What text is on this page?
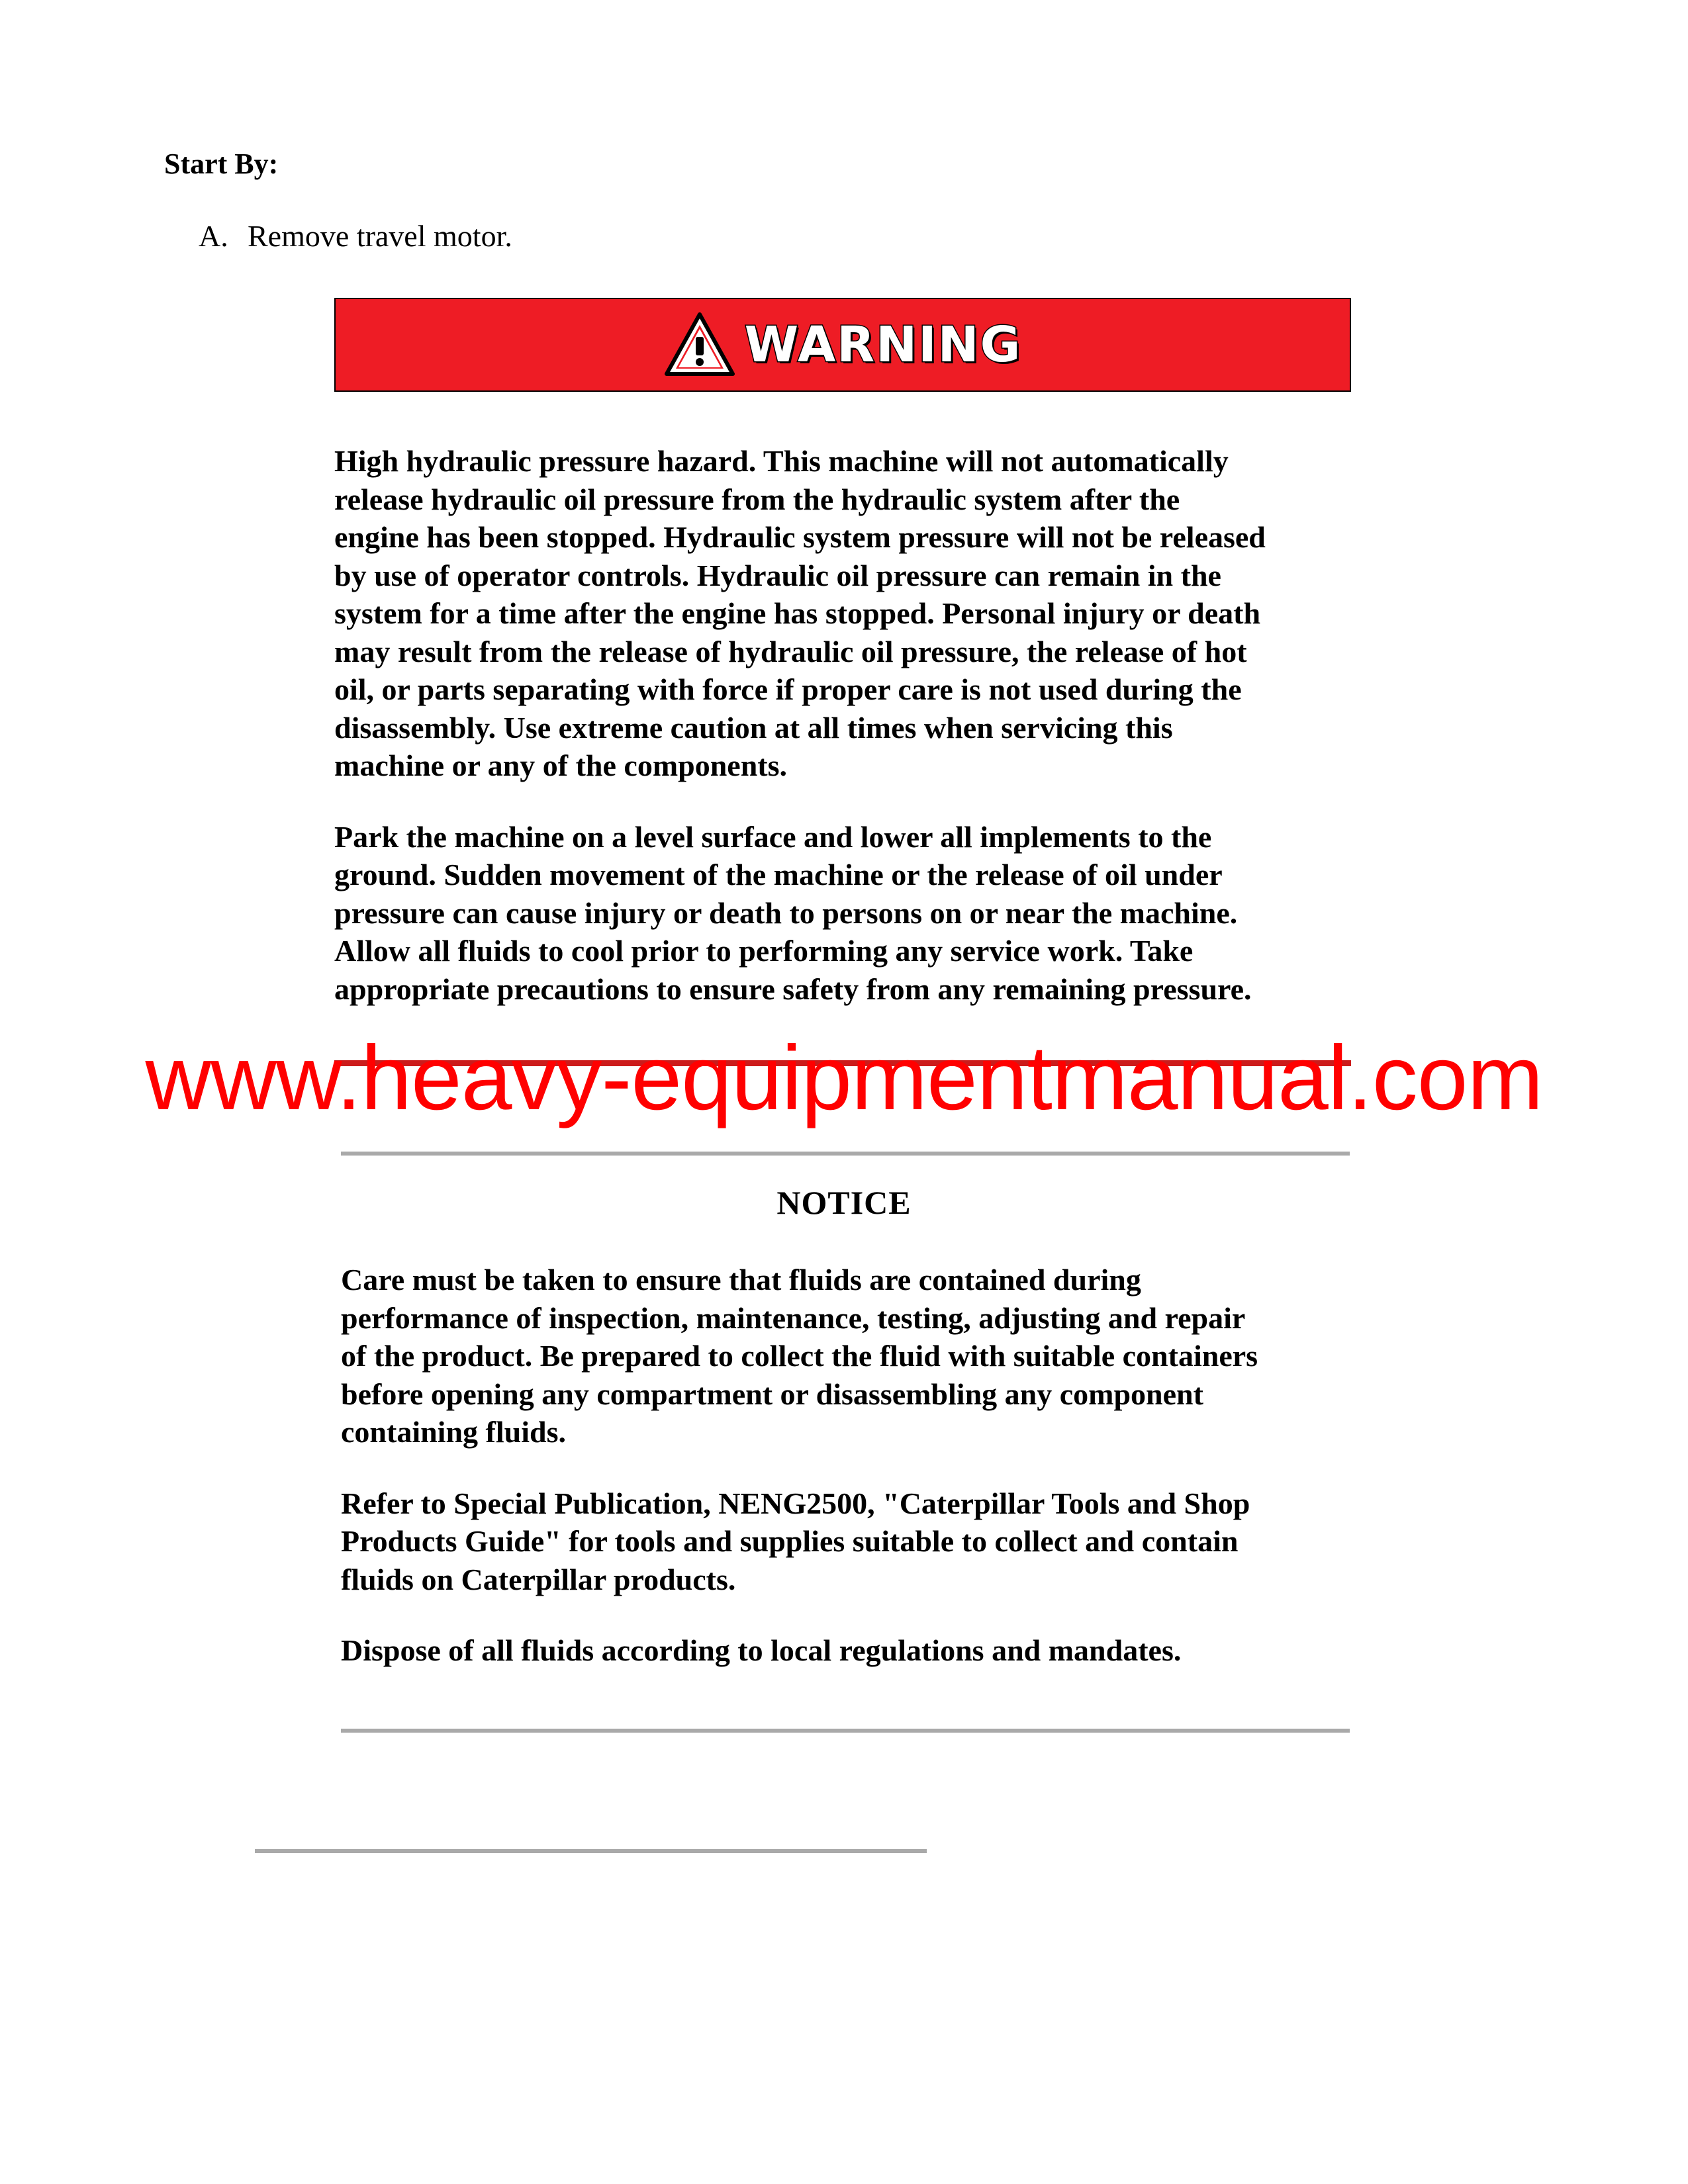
Start By:

A. Remove travel motor.

WARNING

High hydraulic pressure hazard. This machine will not automatically
release hydraulic oil pressure from the hydraulic system after the
engine has been stopped. Hydraulic system pressure will not be released
by use of operator controls. Hydraulic oil pressure can remain in the
system for a time after the engine has stopped. Personal injury or death
may result from the release of hydraulic oil pressure, the release of hot
oil, or parts separating with force if proper care is not used during the
disassembly. Use extreme caution at all times when servicing this
machine or any of the components.

Park the machine on a level surface and lower all implements to the
ground. Sudden movement of the machine or the release of oil under
pressure can cause injury or death to persons on or near the machine.
Allow all fluids to cool prior to performing any service work. Take
appropriate precautions to ensure safety from any remaining pressure.

www.heavy-equipmentmanual.com
NOTICE

Care must be taken to ensure that fluids are contained during
performance of inspection, maintenance, testing, adjusting and repair
of the product. Be prepared to collect the fluid with suitable containers
before opening any compartment or disassembling any component
containing fluids.

Refer to Special Publication, NENG2500, "Caterpillar Tools and Shop
Products Guide" for tools and supplies suitable to collect and contain
fluids on Caterpillar products.

Dispose of all fluids according to local regulations and mandates.
